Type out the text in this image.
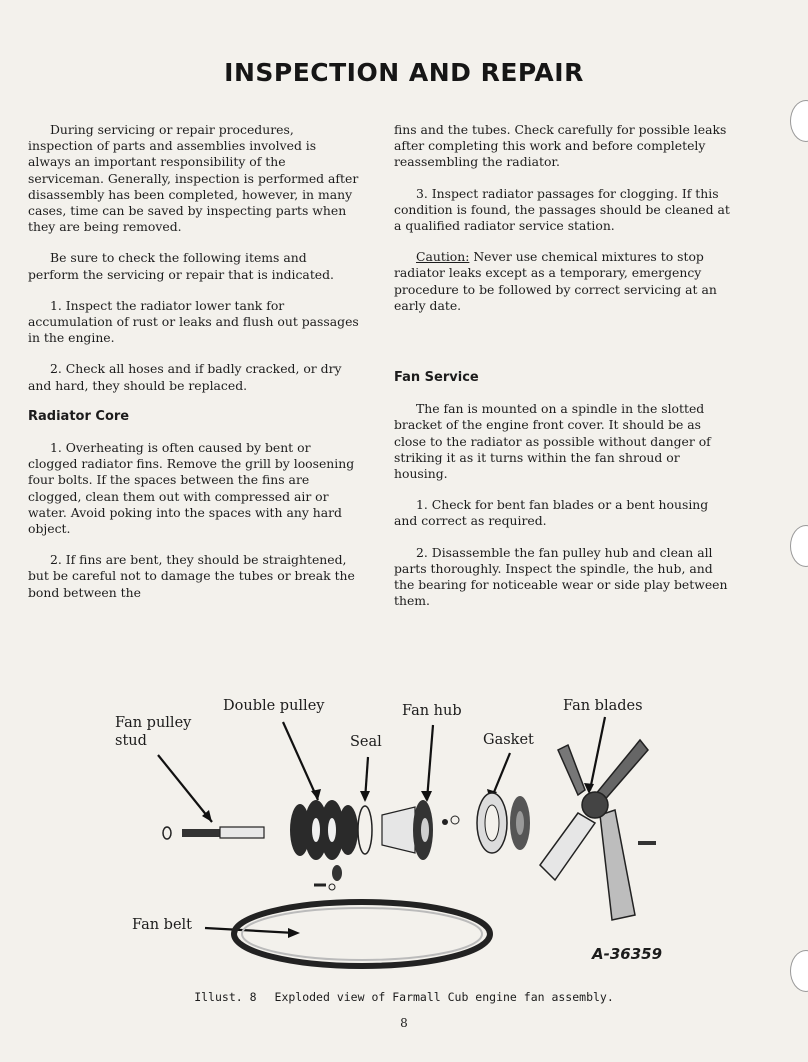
INSPECTION AND REPAIR

During servicing or repair procedures, inspection of parts and assemblies involved is always an important responsibility of the serviceman. Generally, inspection is performed after disassembly has been completed, however, in many cases, time can be saved by inspecting parts when they are being removed.

Be sure to check the following items and perform the servicing or repair that is indicated.

1. Inspect the radiator lower tank for accumulation of rust or leaks and flush out passages in the engine.

2. Check all hoses and if badly cracked, or dry and hard, they should be replaced.

Radiator Core

1. Overheating is often caused by bent or clogged radiator fins. Remove the grill by loosening four bolts. If the spaces between the fins are clogged, clean them out with compressed air or water. Avoid poking into the spaces with any hard object.

2. If fins are bent, they should be straightened, but be careful not to damage the tubes or break the bond between the

fins and the tubes. Check carefully for possible leaks after completing this work and before completely reassembling the radiator.

3. Inspect radiator passages for clogging. If this condition is found, the passages should be cleaned at a qualified radiator service station.

Caution: Never use chemical mixtures to stop radiator leaks except as a temporary, emergency procedure to be followed by correct servicing at an early date.

Fan Service

The fan is mounted on a spindle in the slotted bracket of the engine front cover. It should be as close to the radiator as possible without danger of striking it as it turns within the fan shroud or housing.

1. Check for bent fan blades or a bent housing and correct as required.

2. Disassemble the fan pulley hub and clean all parts thoroughly. Inspect the spindle, the hub, and the bearing for noticeable wear or side play between them.

Fan pulley
stud
Double pulley
Seal
Fan hub
Gasket
Fan blades
Fan belt
A-36359
Illust. 8 Exploded view of Farmall Cub engine fan assembly.
8
